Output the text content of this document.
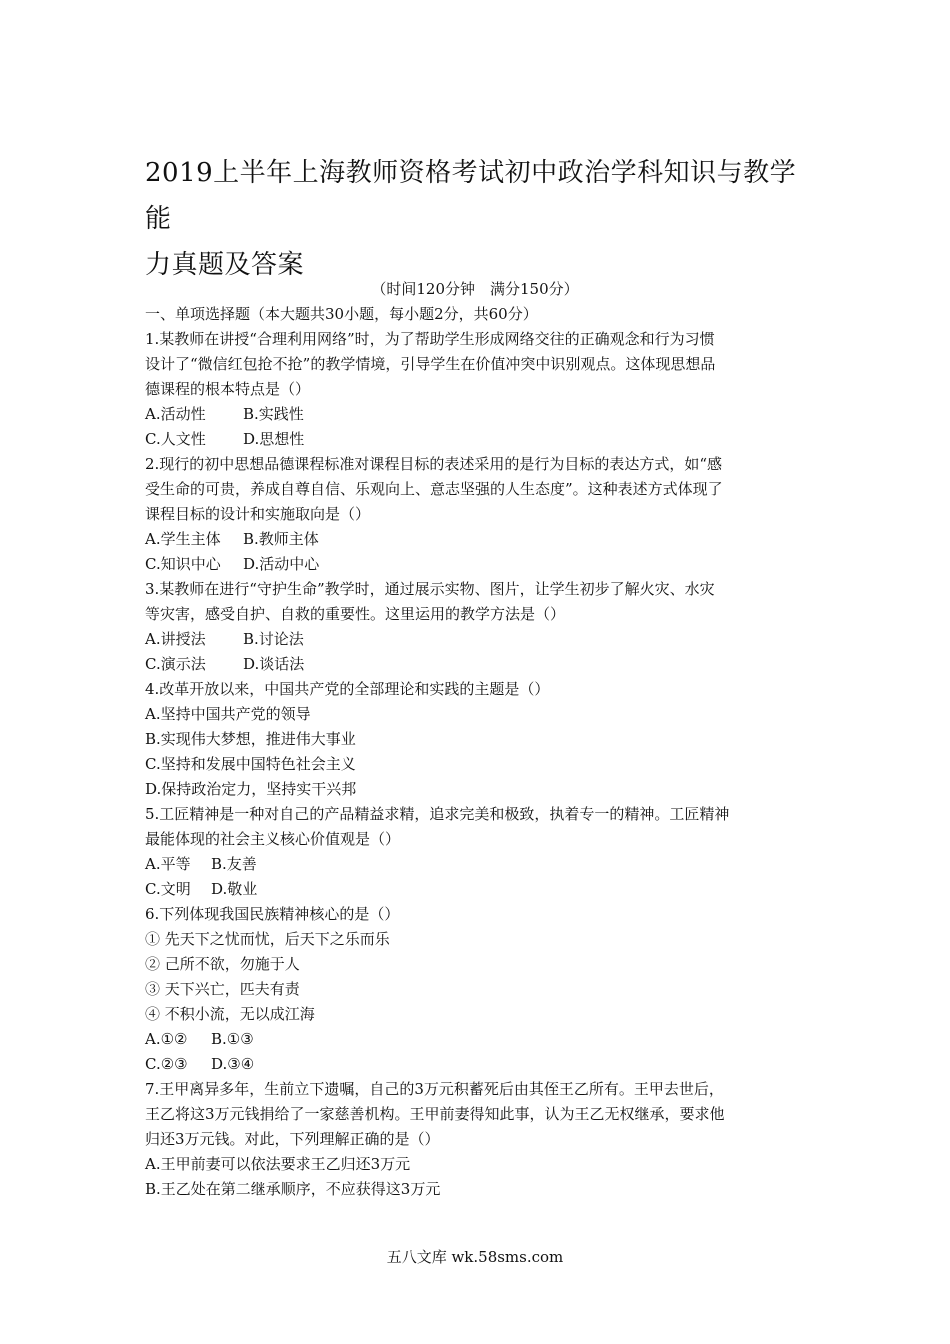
2019上半年上海教师资格考试初中政治学科知识与教学能
力真题及答案
（时间120分钟　满分150分）
一、单项选择题（本大题共30小题，每小题2分，共60分）
1.某教师在讲授“合理利用网络”时，为了帮助学生形成网络交往的正确观念和行为习惯
设计了“微信红包抢不抢”的教学情境，引导学生在价值冲突中识别观点。这体现思想品
德课程的根本特点是（）
A.活动性 B.实践性
C.人文性 D.思想性
2.现行的初中思想品德课程标准对课程目标的表述采用的是行为目标的表达方式，如“感
受生命的可贵，养成自尊自信、乐观向上、意志坚强的人生态度”。这种表述方式体现了
课程目标的设计和实施取向是（）
A.学生主体 B.教师主体
C.知识中心 D.活动中心
3.某教师在进行“守护生命”教学时，通过展示实物、图片，让学生初步了解火灾、水灾
等灾害，感受自护、自救的重要性。这里运用的教学方法是（）
A.讲授法 B.讨论法
C.演示法 D.谈话法
4.改革开放以来，中国共产党的全部理论和实践的主题是（）
A.坚持中国共产党的领导
B.实现伟大梦想，推进伟大事业
C.坚持和发展中国特色社会主义
D.保持政治定力，坚持实干兴邦
5.工匠精神是一种对自己的产品精益求精，追求完美和极致，执着专一的精神。工匠精神
最能体现的社会主义核心价值观是（）
A.平等 B.友善
C.文明 D.敬业
6.下列体现我国民族精神核心的是（）
① 先天下之忧而忧，后天下之乐而乐
② 己所不欲，勿施于人
③ 天下兴亡，匹夫有责
④ 不积小流，无以成江海
A.①② B.①③
C.②③ D.③④
7.王甲离异多年，生前立下遗嘱，自己的3万元积蓄死后由其侄王乙所有。王甲去世后，
王乙将这3万元钱捐给了一家慈善机构。王甲前妻得知此事，认为王乙无权继承，要求他
归还3万元钱。对此，下列理解正确的是（）
A.王甲前妻可以依法要求王乙归还3万元
B.王乙处在第二继承顺序，不应获得这3万元
五八文库 wk.58sms.com
